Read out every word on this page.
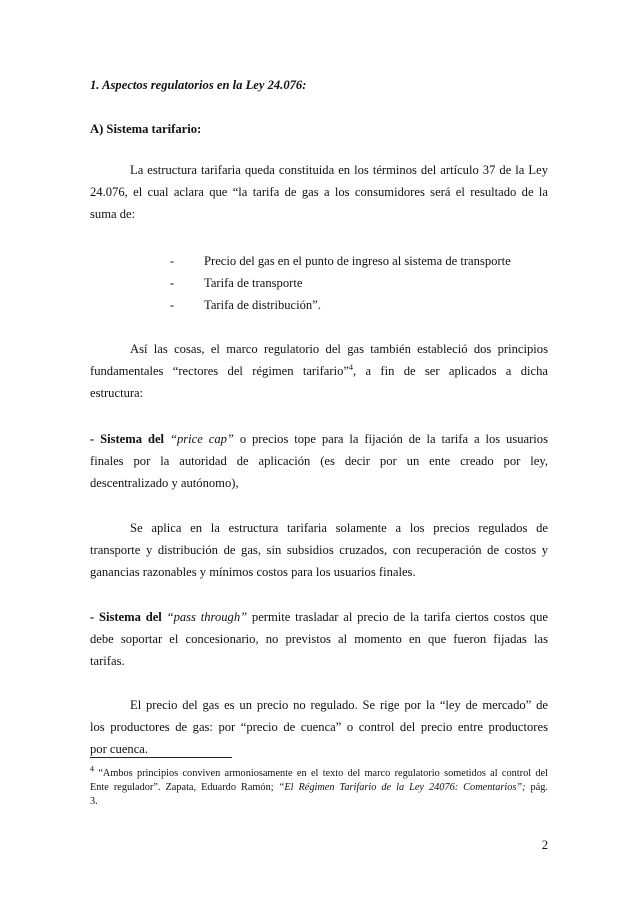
1. Aspectos regulatorios en la Ley 24.076:
A) Sistema tarifario:
La estructura tarifaria queda constituida en los términos del artículo 37 de la Ley
24.076, el cual aclara que “la tarifa de gas a los consumidores será el resultado de la
suma de:
- Precio del gas en el punto de ingreso al sistema de transporte
- Tarifa de transporte
- Tarifa de distribución”.
Así las cosas, el marco regulatorio del gas también estableció dos principios
fundamentales “rectores del régimen tarifario”$^4$, a fin de ser aplicados a dicha
estructura:
- Sistema del “price cap” o precios tope para la fijación de la tarifa a los usuarios
finales por la autoridad de aplicación (es decir por un ente creado por ley,
descentralizado y autónomo),
Se aplica en la estructura tarifaria solamente a los precios regulados de
transporte y distribución de gas, sin subsidios cruzados, con recuperación de costos y
ganancias razonables y mínimos costos para los usuarios finales.
- Sistema del “pass through” permite trasladar al precio de la tarifa ciertos costos que
debe soportar el concesionario, no previstos al momento en que fueron fijadas las
tarifas.
El precio del gas es un precio no regulado. Se rige por la “ley de mercado” de
los productores de gas: por “precio de cuenca” o control del precio entre productores
por cuenca.
$^4$ “Ambos principios conviven armoniosamente en el texto del marco regulatorio sometidos al control del
Ente regulador”. Zapata, Eduardo Ramón; “El Régimen Tarifario de la Ley 24076: Comentarios”; pág.
3.
2
